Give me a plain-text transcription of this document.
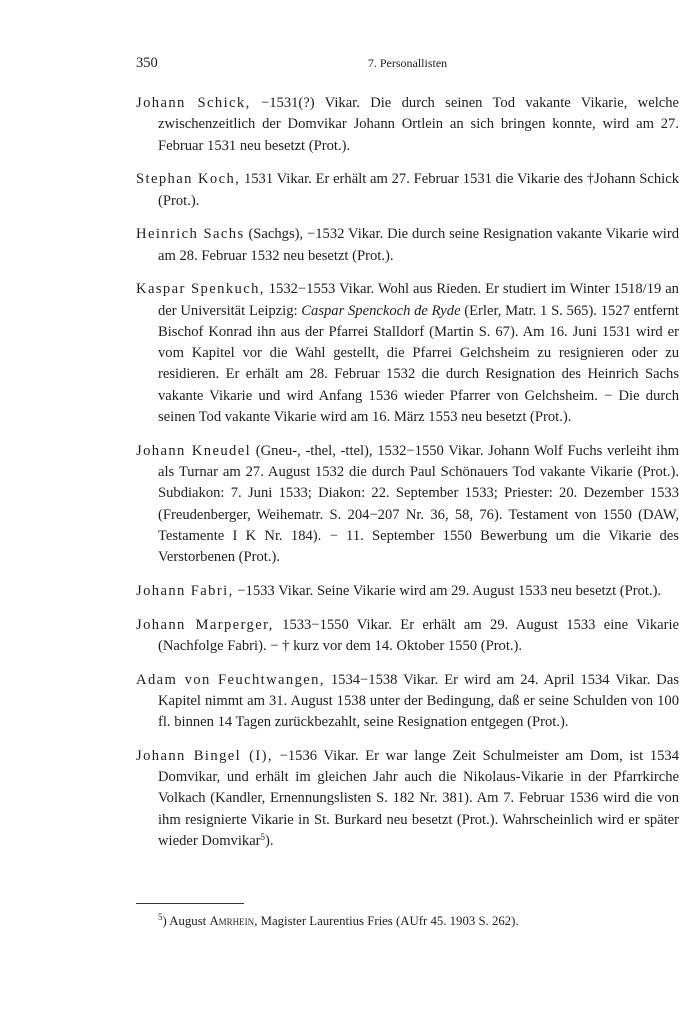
350	7. Personallisten

Johann Schick, −1531(?) Vikar. Die durch seinen Tod vakante Vikarie, welche zwischenzeitlich der Domvikar Johann Ortlein an sich bringen konnte, wird am 27. Februar 1531 neu besetzt (Prot.).

Stephan Koch, 1531 Vikar. Er erhält am 27. Februar 1531 die Vikarie des †Johann Schick (Prot.).

Heinrich Sachs (Sachgs), −1532 Vikar. Die durch seine Resignation vakante Vikarie wird am 28. Februar 1532 neu besetzt (Prot.).

Kaspar Spenkuch, 1532−1553 Vikar. Wohl aus Rieden. Er studiert im Winter 1518/19 an der Universität Leipzig: Caspar Spenckoch de Ryde (Erler, Matr. 1 S. 565). 1527 entfernt Bischof Konrad ihn aus der Pfarrei Stalldorf (Martin S. 67). Am 16. Juni 1531 wird er vom Kapitel vor die Wahl gestellt, die Pfarrei Gelchsheim zu resignieren oder zu residieren. Er erhält am 28. Februar 1532 die durch Resignation des Heinrich Sachs vakante Vikarie und wird Anfang 1536 wieder Pfarrer von Gelchsheim. − Die durch seinen Tod vakante Vikarie wird am 16. März 1553 neu besetzt (Prot.).

Johann Kneudel (Gneu-, -thel, -ttel), 1532−1550 Vikar. Johann Wolf Fuchs verleiht ihm als Turnar am 27. August 1532 die durch Paul Schönauers Tod vakante Vikarie (Prot.). Subdiakon: 7. Juni 1533; Diakon: 22. September 1533; Priester: 20. Dezember 1533 (Freudenberger, Weihematr. S. 204−207 Nr. 36, 58, 76). Testament von 1550 (DAW, Testamente I K Nr. 184). − 11. September 1550 Bewerbung um die Vikarie des Verstorbenen (Prot.).

Johann Fabri, −1533 Vikar. Seine Vikarie wird am 29. August 1533 neu besetzt (Prot.).

Johann Marperger, 1533−1550 Vikar. Er erhält am 29. August 1533 eine Vikarie (Nachfolge Fabri). − † kurz vor dem 14. Oktober 1550 (Prot.).

Adam von Feuchtwangen, 1534−1538 Vikar. Er wird am 24. April 1534 Vikar. Das Kapitel nimmt am 31. August 1538 unter der Bedingung, daß er seine Schulden von 100 fl. binnen 14 Tagen zurückbezahlt, seine Resignation entgegen (Prot.).

Johann Bingel (I), −1536 Vikar. Er war lange Zeit Schulmeister am Dom, ist 1534 Domvikar, und erhält im gleichen Jahr auch die Nikolaus-Vikarie in der Pfarrkirche Volkach (Kandler, Ernennungslisten S. 182 Nr. 381). Am 7. Februar 1536 wird die von ihm resignierte Vikarie in St. Burkard neu besetzt (Prot.). Wahrscheinlich wird er später wieder Domvikar$^5$).

$^5$) August Amrhein, Magister Laurentius Fries (AUfr 45. 1903 S. 262).
